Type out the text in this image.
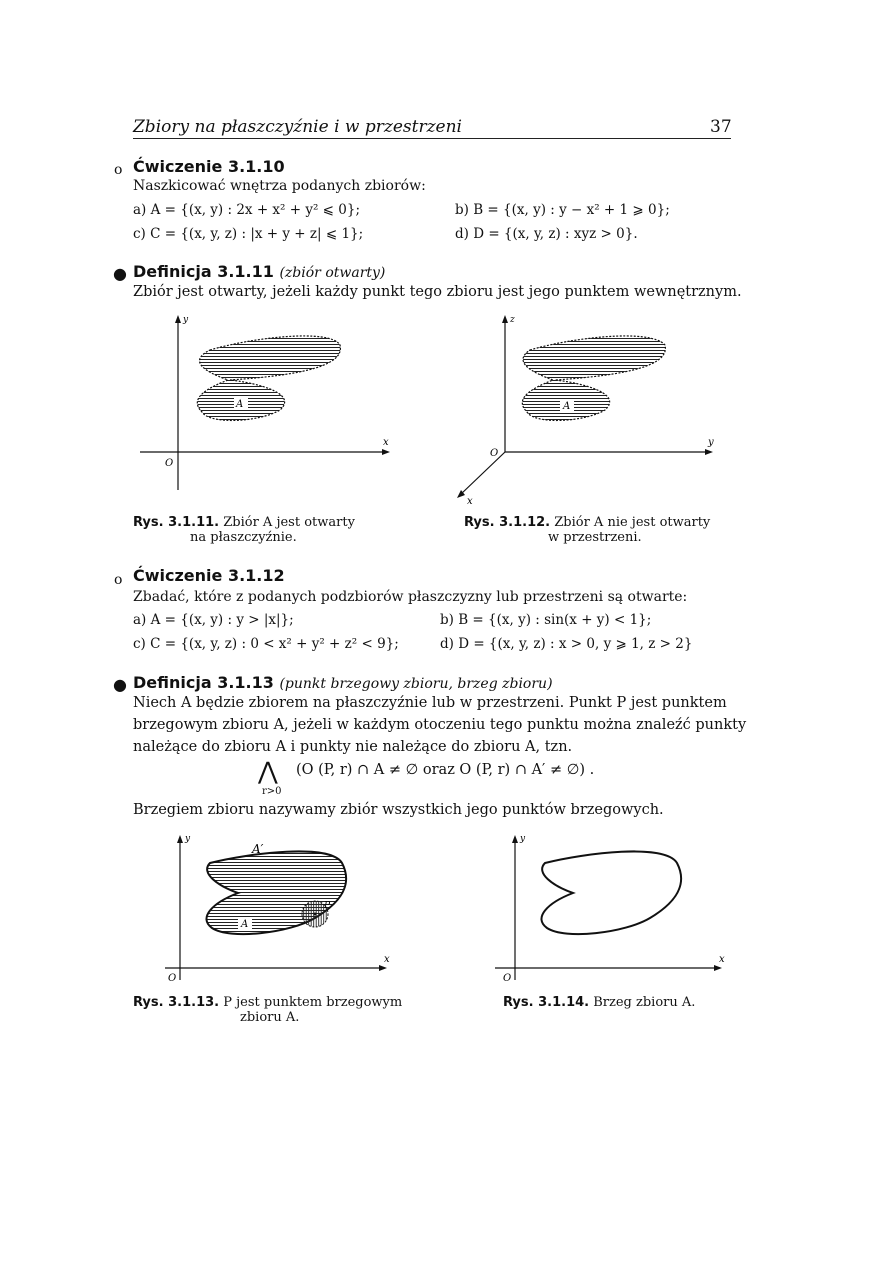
Zbiory na płaszczyźnie i w przestrzeni	37
o Ćwiczenie 3.1.10
Naszkicować wnętrza podanych zbiorów:
a) A = {(x, y) : 2x + x² + y² ⩽ 0};	b) B = {(x, y) : y − x² + 1 ⩾ 0};
c) C = {(x, y, z) : |x + y + z| ⩽ 1};	d) D = {(x, y, z) : xyz > 0}.
● Definicja 3.1.11 (zbiór otwarty)
Zbiór jest otwarty, jeżeli każdy punkt tego zbioru jest jego punktem wewnętrznym.
y
x
O
A
Rys. 3.1.11. Zbiór A jest otwarty
na płaszczyźnie.
z
y
x
O
A
Rys. 3.1.12. Zbiór A nie jest otwarty
w przestrzeni.
o Ćwiczenie 3.1.12
Zbadać, które z podanych podzbiorów płaszczyzny lub przestrzeni są otwarte:
a) A = {(x, y) : y > |x|};	b) B = {(x, y) : sin(x + y) < 1};
c) C = {(x, y, z) : 0 < x² + y² + z² < 9};	d) D = {(x, y, z) : x > 0, y ⩾ 1, z > 2}
● Definicja 3.1.13 (punkt brzegowy zbioru, brzeg zbioru)
Niech A będzie zbiorem na płaszczyźnie lub w przestrzeni. Punkt P jest punktem
brzegowym zbioru A, jeżeli w każdym otoczeniu tego punktu można znaleźć punkty
należące do zbioru A i punkty nie należące do zbioru A, tzn.
⋀ (O (P, r) ∩ A ≠ ∅ oraz O (P, r) ∩ A′ ≠ ∅) .
r>0
Brzegiem zbioru nazywamy zbiór wszystkich jego punktów brzegowych.
y
x
O
A
A′
P
Rys. 3.1.13. P jest punktem brzegowym
zbioru A.
y
x
O
Rys. 3.1.14. Brzeg zbioru A.
